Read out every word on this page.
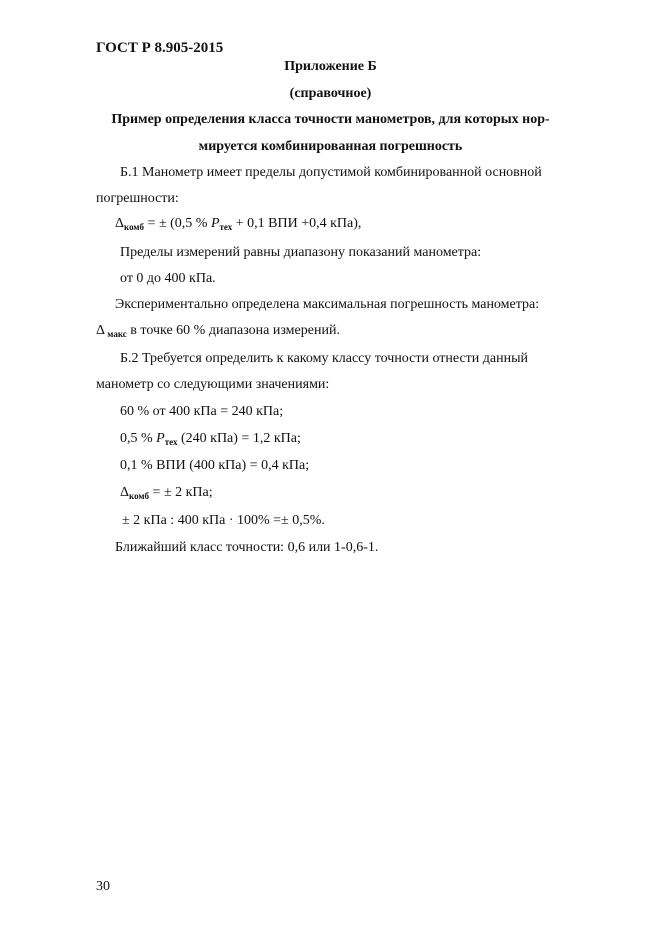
ГОСТ Р 8.905-2015
Приложение Б
(справочное)
Пример определения класса точности манометров, для которых нор-
мируется комбинированная погрешность
Б.1 Манометр имеет пределы допустимой комбинированной основной
погрешности:
$\Delta_{комб}$ = ± (0,5 % $P_{тех} + 0,1$ ВПИ +0,4 кПа),
Пределы измерений равны диапазону показаний манометра:
от 0 до 400 кПа.
Экспериментально определена максимальная погрешность манометра:
Δ $_{макс}$ в точке 60 % диапазона измерений.
Б.2 Требуется определить к какому классу точности отнести данный
манометр со следующими значениями:
60 % от 400 кПа = 240 кПа;
0,5 % $P_{тех}$ (240 кПа) = 1,2 кПа;
0,1 % ВПИ (400 кПа) = 0,4 кПа;
$\Delta_{комб}$ = ± 2 кПа;
± 2 кПа : 400 кПа · 100% =± 0,5%.
Ближайший класс точности: 0,6 или 1-0,6-1.
30
